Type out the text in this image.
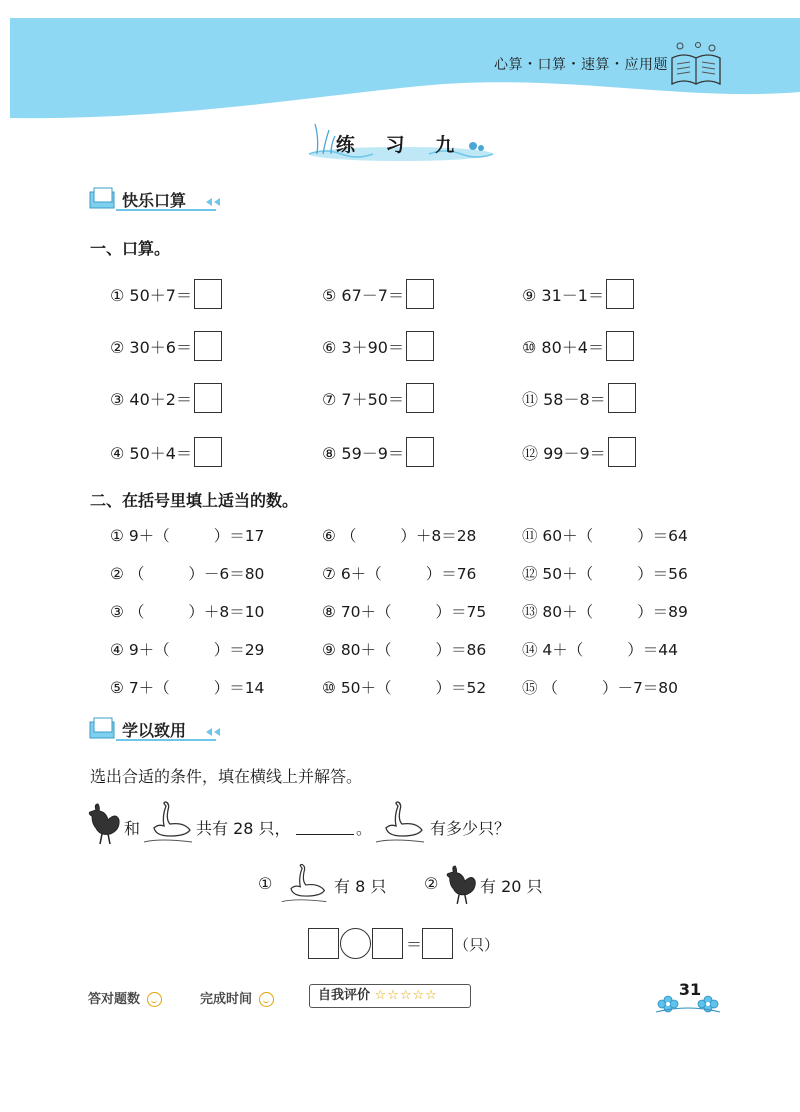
心算・口算・速算・应用题
练 习 九
快乐口算
一、口算。
① 50＋7＝
② 30＋6＝
③ 40＋2＝
④ 50＋4＝
⑤ 67－7＝
⑥ 3＋90＝
⑦ 7＋50＝
⑧ 59－9＝
⑨ 31－1＝
⑩ 80＋4＝
⑪ 58－8＝
⑫ 99－9＝
二、在括号里填上适当的数。
① 9＋（	）＝17
② （	）－6＝80
③ （	）＋8＝10
④ 9＋（	）＝29
⑤ 7＋（	）＝14
⑥ （	）＋8＝28
⑦ 6＋（	）＝76
⑧ 70＋（	）＝75
⑨ 80＋（	）＝86
⑩ 50＋（	）＝52
⑪ 60＋（	）＝64
⑫ 50＋（	）＝56
⑬ 80＋（	）＝89
⑭ 4＋（	）＝44
⑮ （	）－7＝80
学以致用
选出合适的条件，填在横线上并解答。
和	共有 28 只，	。	有多少只？
①	有 8 只 ②	有 20 只
＝ （只）
答对题数	完成时间	自我评价 ☆☆☆☆☆	31
